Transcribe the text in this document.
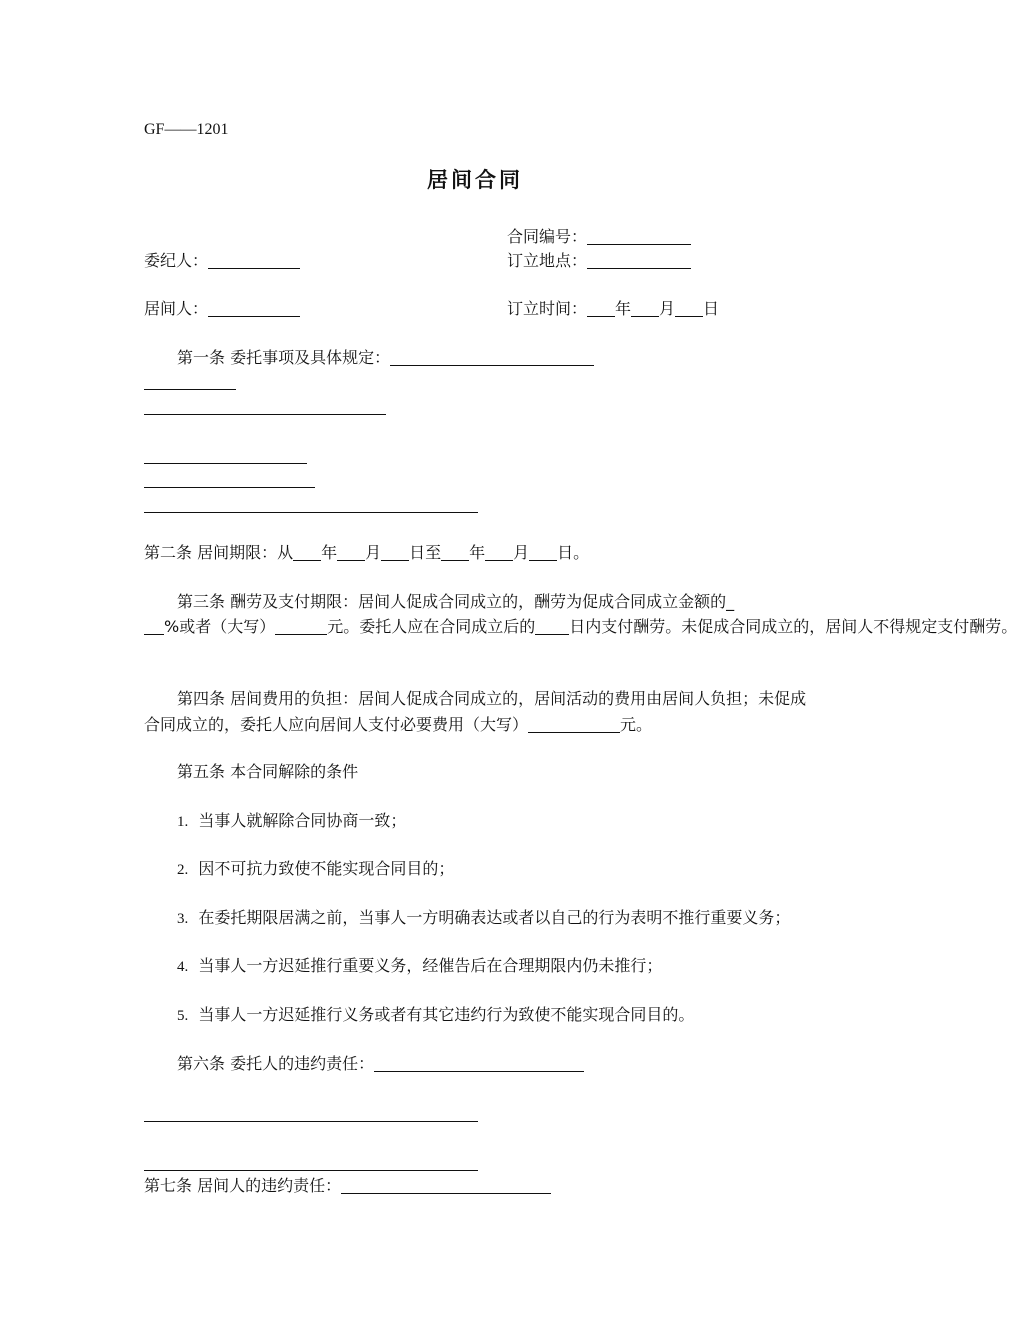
GF——1201
居间合同
合同编号：
委纪人：	订立地点：
居间人：	订立时间： 年 月 日
第一条 委托事项及具体规定：
第二条 居间期限：从 年 月 日至 年 月 日。
第三条 酬劳及支付期限：居间人促成合同成立的，酬劳为促成合同成立金额的_
%或者（大写）	元。委托人应在合同成立后的 日内支付酬劳。未促成合同成立的，居间人不得规定支付酬劳。
第四条 居间费用的负担：居间人促成合同成立的，居间活动的费用由居间人负担；未促成合同成立的，委托人应向居间人支付必要费用（大写）	元。
第五条 本合同解除的条件
1. 当事人就解除合同协商一致；
2. 因不可抗力致使不能实现合同目的；
3. 在委托期限居满之前，当事人一方明确表达或者以自己的行为表明不推行重要义务；
4. 当事人一方迟延推行重要义务，经催告后在合理期限内仍未推行；
5. 当事人一方迟延推行义务或者有其它违约行为致使不能实现合同目的。
第六条 委托人的违约责任：
第七条 居间人的违约责任：
